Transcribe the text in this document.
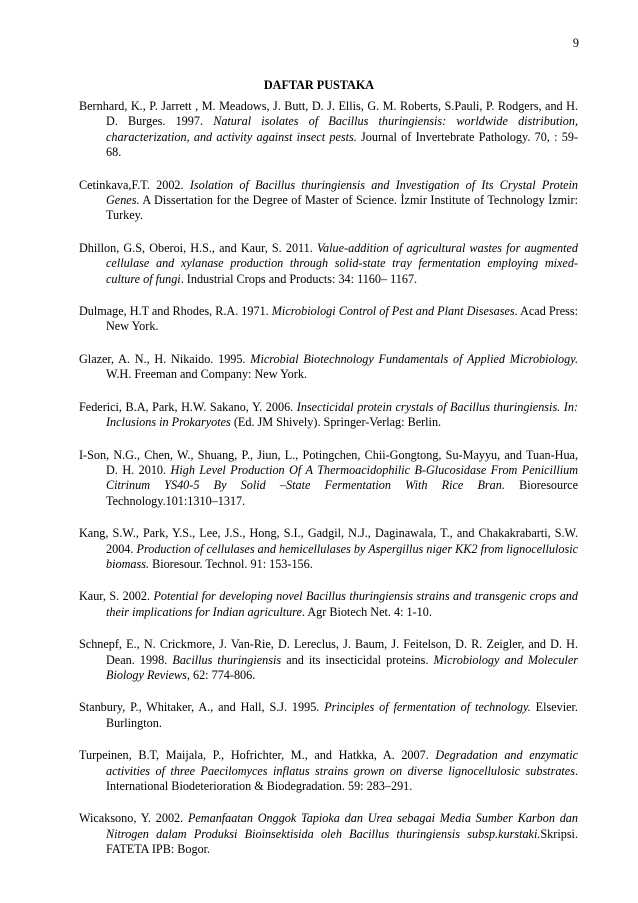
9
DAFTAR PUSTAKA

Bernhard, K., P. Jarrett , M. Meadows, J. Butt, D. J. Ellis, G. M. Roberts, S.Pauli, P. Rodgers, and H. D. Burges. 1997. Natural isolates of Bacillus thuringiensis: worldwide distribution, characterization, and activity against insect pests. Journal of Invertebrate Pathology. 70, : 59-68.

Cetinkava,F.T. 2002. Isolation of Bacillus thuringiensis and Investigation of Its Crystal Protein Genes. A Dissertation for the Degree of Master of Science. İzmir Institute of Technology İzmir: Turkey.

Dhillon, G.S, Oberoi, H.S., and Kaur, S. 2011. Value-addition of agricultural wastes for augmented cellulase and xylanase production through solid-state tray fermentation employing mixed-culture of fungi. Industrial Crops and Products: 34: 1160– 1167.

Dulmage, H.T and Rhodes, R.A. 1971. Microbiologi Control of Pest and Plant Disesases. Acad Press: New York.

Glazer, A. N., H. Nikaido. 1995. Microbial Biotechnology Fundamentals of Applied Microbiology. W.H. Freeman and Company: New York.

Federici, B.A, Park, H.W. Sakano, Y. 2006. Insecticidal protein crystals of Bacillus thuringiensis. In: Inclusions in Prokaryotes (Ed. JM Shively). Springer-Verlag: Berlin.

I-Son, N.G., Chen, W., Shuang, P., Jiun, L., Potingchen, Chii-Gongtong, Su-Mayyu, and Tuan-Hua, D. H. 2010. High Level Production Of A Thermoacidophilic B-Glucosidase From Penicillium Citrinum YS40-5 By Solid –State Fermentation With Rice Bran. Bioresource Technology.101:1310–1317.

Kang, S.W., Park, Y.S., Lee, J.S., Hong, S.I., Gadgil, N.J., Daginawala, T., and Chakakrabarti, S.W. 2004. Production of cellulases and hemicellulases by Aspergillus niger KK2 from lignocellulosic biomass. Bioresour. Technol. 91: 153-156.

Kaur, S. 2002. Potential for developing novel Bacillus thuringiensis strains and transgenic crops and their implications for Indian agriculture. Agr Biotech Net. 4: 1-10.

Schnepf, E., N. Crickmore, J. Van-Rie, D. Lereclus, J. Baum, J. Feitelson, D. R. Zeigler, and D. H. Dean. 1998. Bacillus thuringiensis and its insecticidal proteins. Microbiology and Moleculer Biology Reviews, 62: 774-806.

Stanbury, P., Whitaker, A., and Hall, S.J. 1995. Principles of fermentation of technology. Elsevier. Burlington.

Turpeinen, B.T, Maijala, P., Hofrichter, M., and Hatkka, A. 2007. Degradation and enzymatic activities of three Paecilomyces inflatus strains grown on diverse lignocellulosic substrates. International Biodeterioration & Biodegradation. 59: 283–291.

Wicaksono, Y. 2002. Pemanfaatan Onggok Tapioka dan Urea sebagai Media Sumber Karbon dan Nitrogen dalam Produksi Bioinsektisida oleh Bacillus thuringiensis subsp.kurstaki.Skripsi. FATETA IPB: Bogor.
